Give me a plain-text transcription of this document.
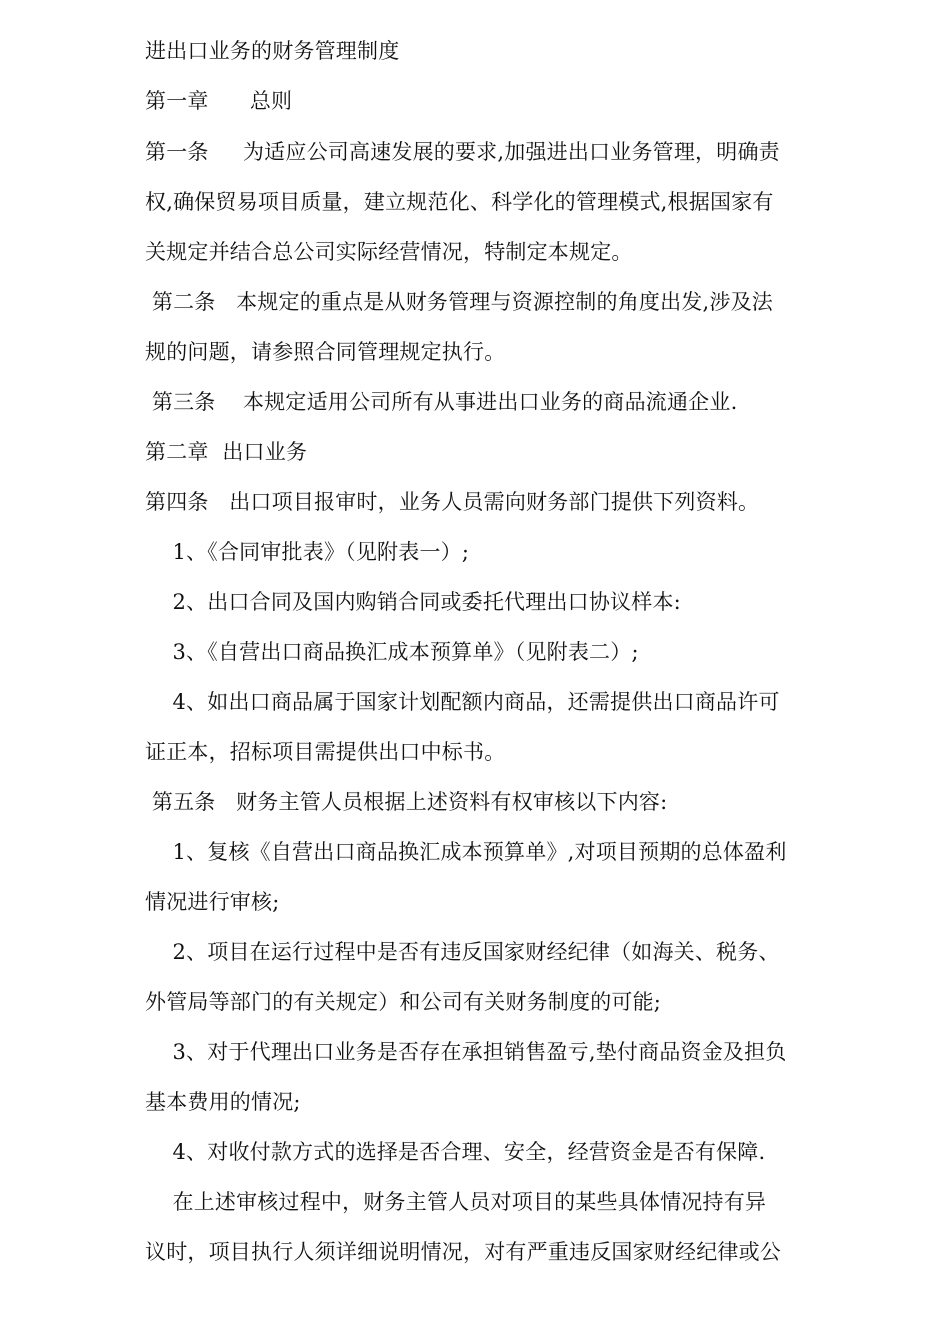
进出口业务的财务管理制度
第一章      总则
第一条     为适应公司高速发展的要求,加强进出口业务管理，明确责
权,确保贸易项目质量，建立规范化、科学化的管理模式,根据国家有
关规定并结合总公司实际经营情况，特制定本规定。
第二条   本规定的重点是从财务管理与资源控制的角度出发,涉及法
规的问题，请参照合同管理规定执行。
第三条    本规定适用公司所有从事进出口业务的商品流通企业.
第二章  出口业务
第四条   出口项目报审时，业务人员需向财务部门提供下列资料。
1、《合同审批表》（见附表一）;
2、出口合同及国内购销合同或委托代理出口协议样本:
3、《自营出口商品换汇成本预算单》（见附表二）;
4、如出口商品属于国家计划配额内商品，还需提供出口商品许可
证正本，招标项目需提供出口中标书。
第五条   财务主管人员根据上述资料有权审核以下内容:
1、复核《自营出口商品换汇成本预算单》,对项目预期的总体盈利
情况进行审核;
2、项目在运行过程中是否有违反国家财经纪律（如海关、税务、
外管局等部门的有关规定）和公司有关财务制度的可能;
3、对于代理出口业务是否存在承担销售盈亏,垫付商品资金及担负
基本费用的情况;
4、对收付款方式的选择是否合理、安全，经营资金是否有保障.
在上述审核过程中，财务主管人员对项目的某些具体情况持有异
议时，项目执行人须详细说明情况，对有严重违反国家财经纪律或公
